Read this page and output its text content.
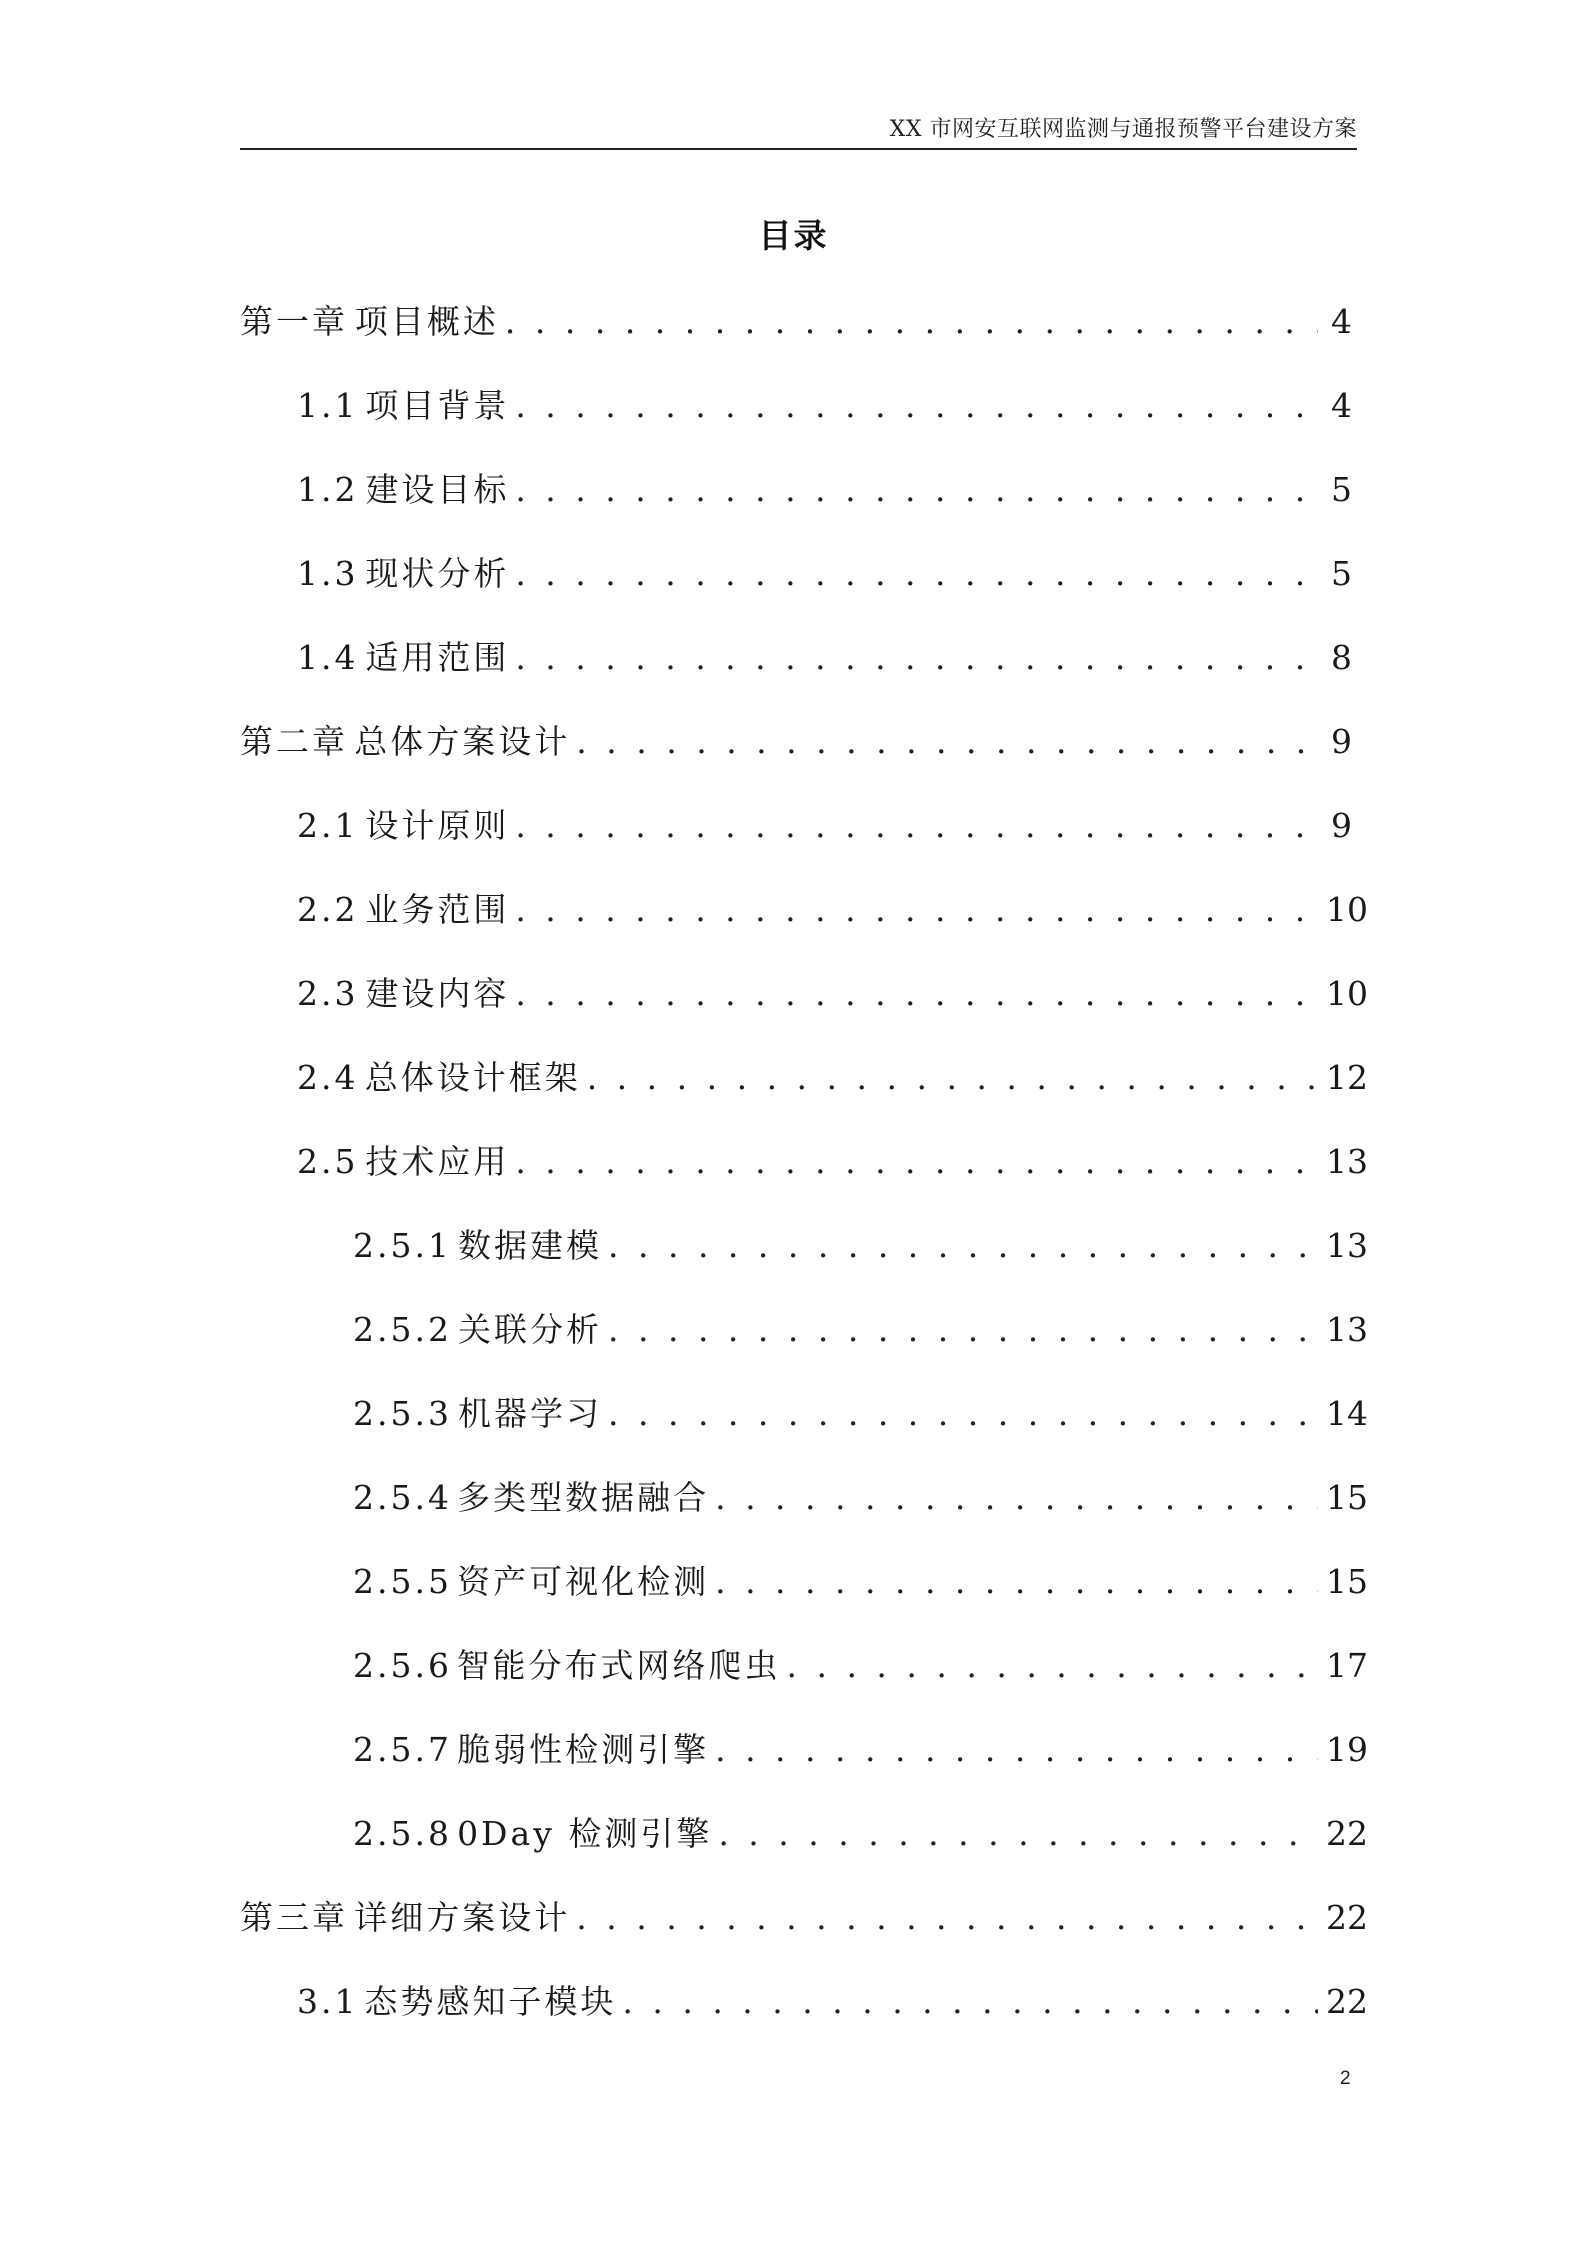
XX 市网安互联网监测与通报预警平台建设方案
目录
第一章 项目概述 . . .	4
1.1 项目背景 . . .	4
1.2 建设目标 . . .	5
1.3 现状分析 . . .	5
1.4 适用范围 . . .	8
第二章 总体方案设计 . . .	9
2.1 设计原则 . . .	9
2.2 业务范围 . . .	10
2.3 建设内容 . . .	10
2.4 总体设计框架 . . .	12
2.5 技术应用 . . .	13
2.5.1 数据建模 . . .	13
2.5.2 关联分析 . . .	13
2.5.3 机器学习 . . .	14
2.5.4 多类型数据融合 . . .	15
2.5.5 资产可视化检测 . . .	15
2.5.6 智能分布式网络爬虫 . . .	17
2.5.7 脆弱性检测引擎 . . .	19
2.5.8 0Day 检测引擎 . . .	22
第三章 详细方案设计 . . .	22
3.1 态势感知子模块 . . .	22
2
